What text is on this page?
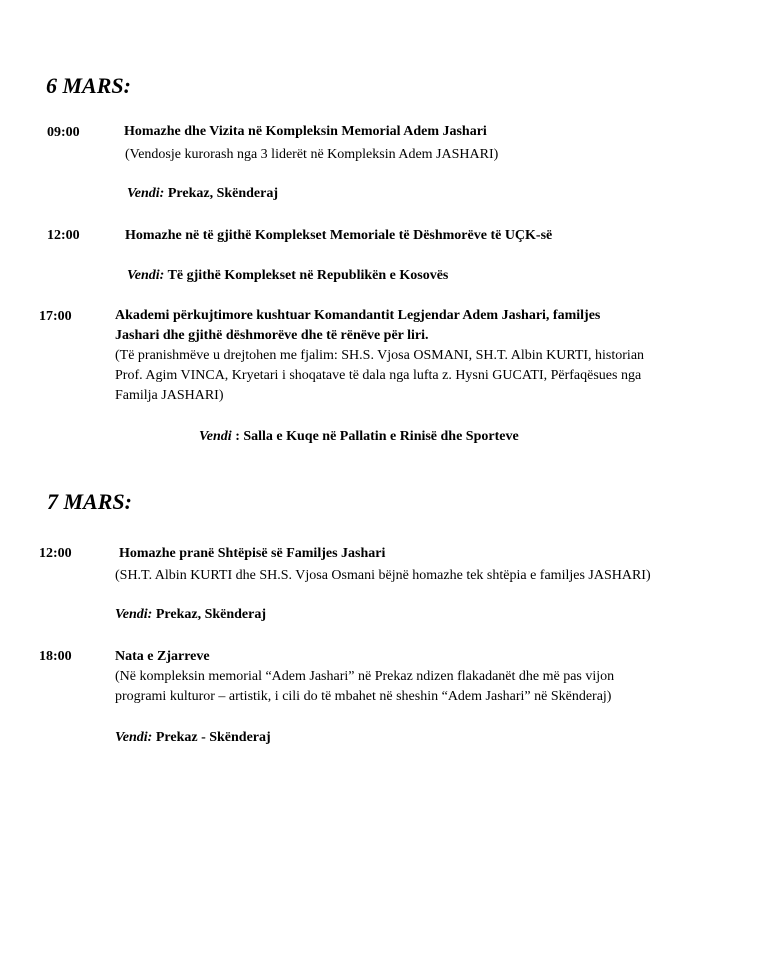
6 MARS:
09:00	Homazhe dhe Vizita në Kompleksin Memorial Adem Jashari
(Vendosje kurorash nga 3 liderët në Kompleksin Adem JASHARI)
Vendi: Prekaz, Skënderaj
12:00	Homazhe në të gjithë Komplekset Memoriale të Dëshmorëve të UÇK-së
Vendi: Të gjithë Komplekset në Republikën e Kosovës
17:00	Akademi përkujtimore kushtuar Komandantit Legjendar Adem Jashari, familjes
Jashari dhe gjithë dëshmorëve dhe të rënëve për liri.
(Të pranishmëve u drejtohen me fjalim: SH.S. Vjosa OSMANI, SH.T. Albin KURTI, historian
Prof. Agim VINCA, Kryetari i shoqatave të dala nga lufta z. Hysni GUCATI, Përfaqësues nga
Familja JASHARI)
Vendi : Salla e Kuqe në Pallatin e Rinisë dhe Sporteve
7 MARS:
12:00	Homazhe pranë Shtëpisë së Familjes Jashari
(SH.T. Albin KURTI dhe SH.S. Vjosa Osmani bëjnë homazhe tek shtëpia e familjes JASHARI)
Vendi: Prekaz, Skënderaj
18:00	Nata e Zjarreve
(Në kompleksin memorial “Adem Jashari” në Prekaz ndizen flakadanët dhe më pas vijon
programi kulturor – artistik, i cili do të mbahet në sheshin “Adem Jashari” në Skënderaj)
Vendi: Prekaz - Skënderaj
